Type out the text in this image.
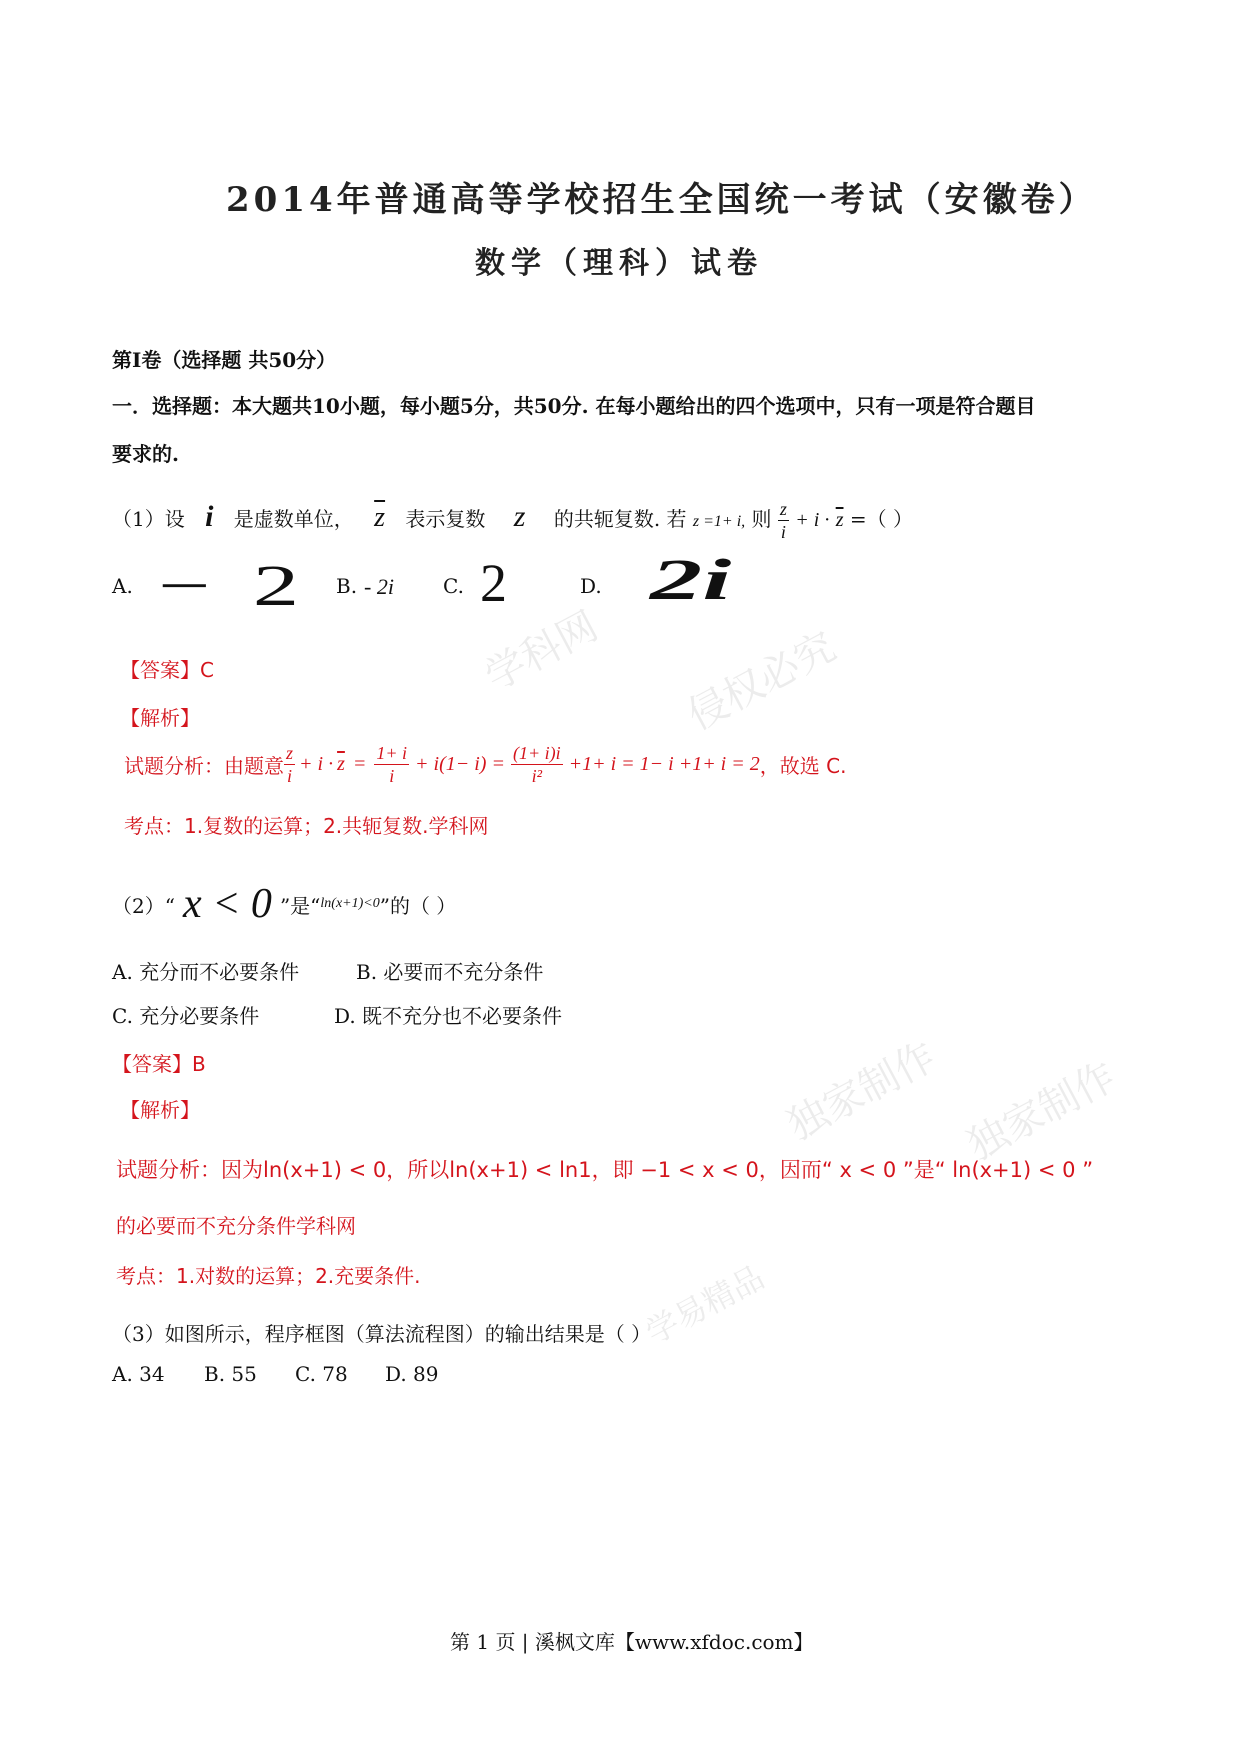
学科网 侵权必究
独家制作 独家制作
学易精品
2014年普通高等学校招生全国统一考试（安徽卷）
数学（理科）试卷
第Ⅰ卷（选择题 共50分）
一．选择题：本大题共10小题，每小题5分，共50分. 在每小题给出的四个选项中，只有一项是符合题目
要求的.
（1）设 i 是虚数单位， $\overline{z}$ 表示复数 z 的共轭复数. 若 z =1+ i, 则 $\frac{z}{i} + i \cdot \overline{z}$ =（ ）
A. − 2 B. - 2i C. 2	D. 2i
【答案】C
【解析】
试题分析：由题意 $\frac{z}{i} + i \cdot \overline{z} = \frac{1+ i}{i} + i(1- i) = \frac{(1+ i)i}{\text{i²}} +1+ i = 1- i +1+ i = 2$ ，故选 C.
考点：1.复数的运算；2.共轭复数.学科网
（2）“ x < 0 ”是“ ln(x+1)<0 ”的（ ）
A. 充分而不必要条件	B. 必要而不充分条件
C. 充分必要条件	D. 既不充分也不必要条件
【答案】B
【解析】
试题分析：因为ln(x+1) < 0，所以ln(x+1) < ln1，即 −1 < x < 0，因而“ x < 0 ”是“ ln(x+1) < 0 ”
的必要而不充分条件学科网
考点：1.对数的运算；2.充要条件.
（3）如图所示，程序框图（算法流程图）的输出结果是（ ）
A. 34 B. 55 C. 78 D. 89
第 1 页 | 溪枫文库【www.xfdoc.com】
